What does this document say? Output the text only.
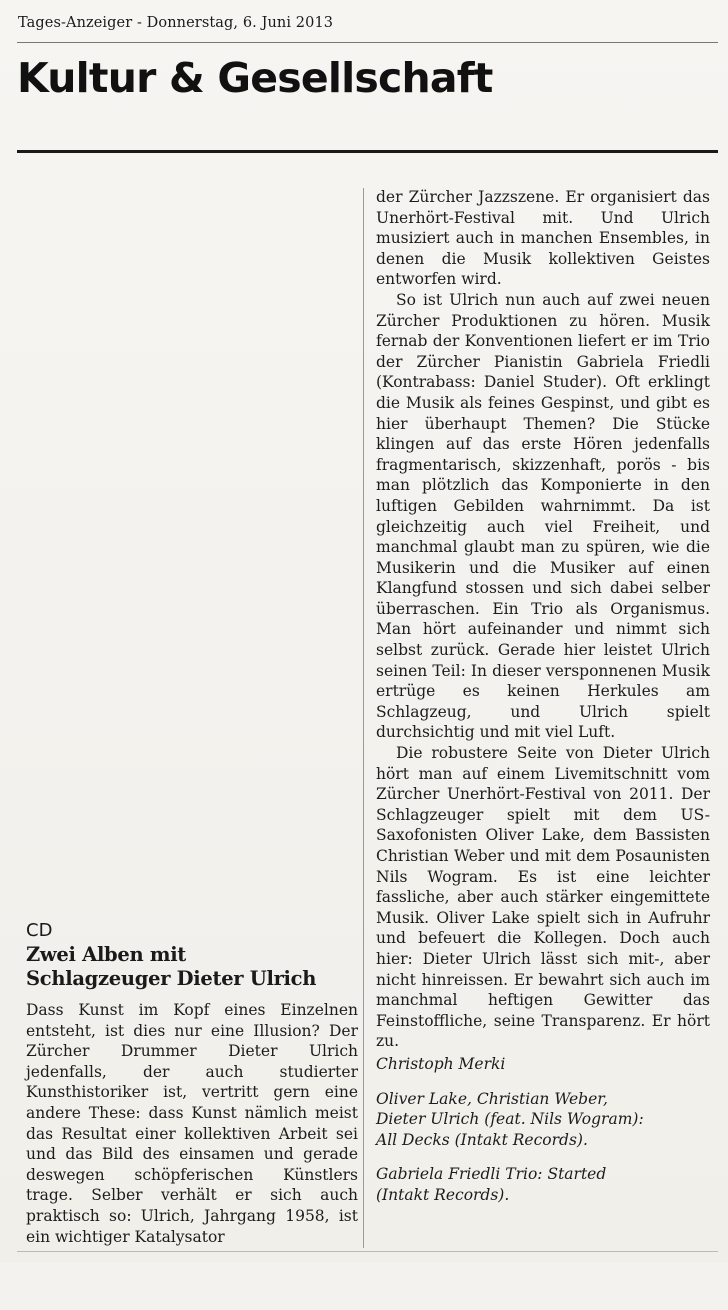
Tages-Anzeiger - Donnerstag, 6. Juni 2013
Kultur & Gesellschaft
CD
Zwei Alben mit
Schlagzeuger Dieter Ulrich

Dass Kunst im Kopf eines Einzelnen entsteht, ist dies nur eine Illusion? Der Zürcher Drummer Dieter Ulrich jedenfalls, der auch studierter Kunsthistoriker ist, vertritt gern eine andere These: dass Kunst nämlich meist das Resultat einer kollektiven Arbeit sei und das Bild des einsamen und gerade deswegen schöpferischen Künstlers trage. Selber verhält er sich auch praktisch so: Ulrich, Jahrgang 1958, ist ein wichtiger Katalysator

der Zürcher Jazzszene. Er organisiert das Unerhört-Festival mit. Und Ulrich musiziert auch in manchen Ensembles, in denen die Musik kollektiven Geistes entworfen wird.

So ist Ulrich nun auch auf zwei neuen Zürcher Produktionen zu hören. Musik fernab der Konventionen liefert er im Trio der Zürcher Pianistin Gabriela Friedli (Kontrabass: Daniel Studer). Oft erklingt die Musik als feines Gespinst, und gibt es hier überhaupt Themen? Die Stücke klingen auf das erste Hören jedenfalls fragmentarisch, skizzenhaft, porös - bis man plötzlich das Komponierte in den luftigen Gebilden wahrnimmt. Da ist gleichzeitig auch viel Freiheit, und manchmal glaubt man zu spüren, wie die Musikerin und die Musiker auf einen Klangfund stossen und sich dabei selber überraschen. Ein Trio als Organismus. Man hört aufeinander und nimmt sich selbst zurück. Gerade hier leistet Ulrich seinen Teil: In dieser versponnenen Musik ertrüge es keinen Herkules am Schlagzeug, und Ulrich spielt durchsichtig und mit viel Luft.

Die robustere Seite von Dieter Ulrich hört man auf einem Livemitschnitt vom Zürcher Unerhört-Festival von 2011. Der Schlagzeuger spielt mit dem US-Saxofonisten Oliver Lake, dem Bassisten Christian Weber und mit dem Posaunisten Nils Wogram. Es ist eine leichter fassliche, aber auch stärker eingemittete Musik. Oliver Lake spielt sich in Aufruhr und befeuert die Kollegen. Doch auch hier: Dieter Ulrich lässt sich mit-, aber nicht hinreissen. Er bewahrt sich auch im manchmal heftigen Gewitter das Feinstoffliche, seine Transparenz. Er hört zu.

Christoph Merki

Oliver Lake, Christian Weber,
Dieter Ulrich (feat. Nils Wogram):
All Decks (Intakt Records).

Gabriela Friedli Trio: Started
(Intakt Records).
